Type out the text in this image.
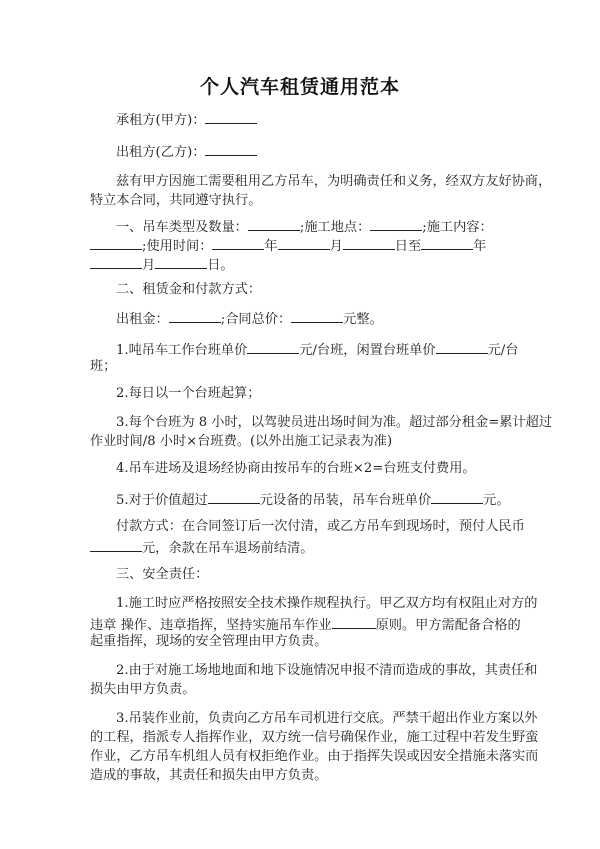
个人汽车租赁通用范本
承租方(甲方)：
出租方(乙方)：
兹有甲方因施工需要租用乙方吊车，为明确责任和义务，经双方友好协商，
特立本合同，共同遵守执行。
一、吊车类型及数量：	;施工地点：	;施工内容：
;使用时间：	年	月	日至	年
月	日。
二、租赁金和付款方式：
出租金：	;合同总价：	元整。
1.吨吊车工作台班单价	元/台班，闲置台班单价	元/台
班；
2.每日以一个台班起算；
3.每个台班为 8 小时，以驾驶员进出场时间为准。超过部分租金=累计超过
作业时间/8 小时×台班费。(以外出施工记录表为准)
4.吊车进场及退场经协商由按吊车的台班×2=台班支付费用。
5.对于价值超过	元设备的吊装，吊车台班单价	元。
付款方式：在合同签订后一次付清，或乙方吊车到现场时，预付人民币
元，余款在吊车退场前结清。
三、安全责任：
1.施工时应严格按照安全技术操作规程执行。甲乙双方均有权阻止对方的
违章 操作、违章指挥，坚持实施吊车作业	原则。甲方需配备合格的
起重指挥，现场的安全管理由甲方负责。
2.由于对施工场地地面和地下设施情况申报不清而造成的事故，其责任和
损失由甲方负责。
3.吊装作业前，负责向乙方吊车司机进行交底。严禁干超出作业方案以外
的工程，指派专人指挥作业，双方统一信号确保作业，施工过程中若发生野蛮
作业，乙方吊车机组人员有权拒绝作业。由于指挥失误或因安全措施未落实而
造成的事故，其责任和损失由甲方负责。
